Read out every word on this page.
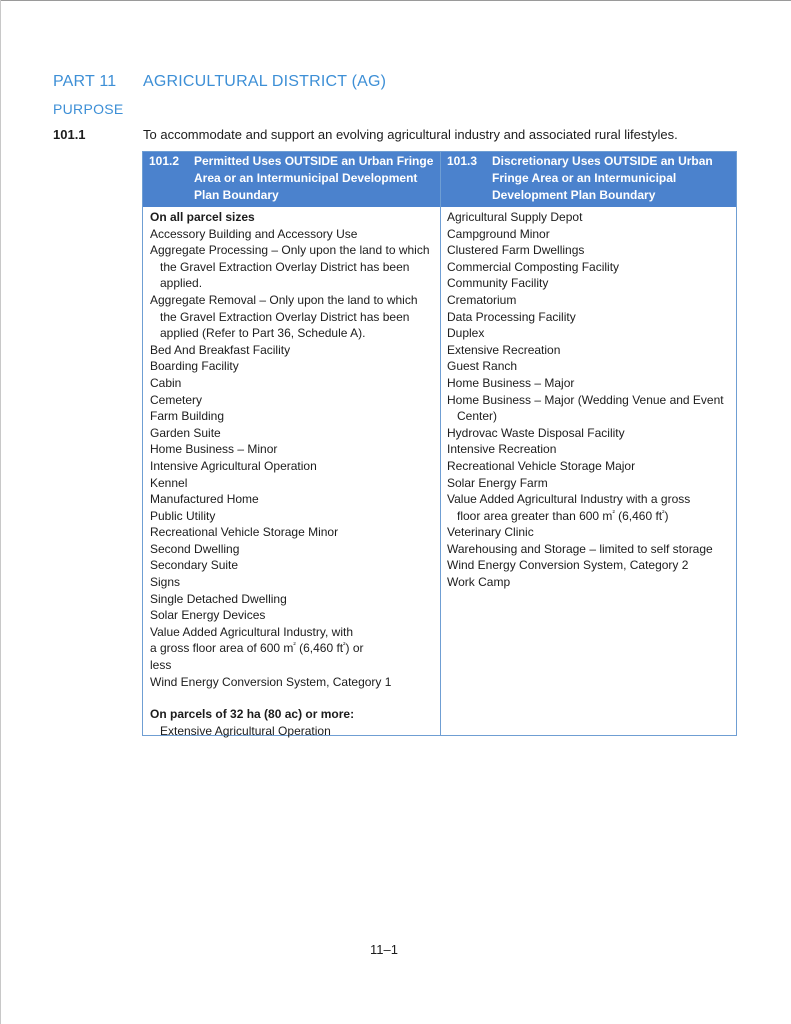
PART 11 AGRICULTURAL DISTRICT (AG)
PURPOSE
101.1	To accommodate and support an evolving agricultural industry and associated rural lifestyles.
101.2 Permitted Uses OUTSIDE an Urban Fringe Area or an Intermunicipal Development Plan Boundary
On all parcel sizes
Accessory Building and Accessory Use
Aggregate Processing – Only upon the land to which the Gravel Extraction Overlay District has been applied.
Aggregate Removal – Only upon the land to which the Gravel Extraction Overlay District has been applied (Refer to Part 36, Schedule A).
Bed And Breakfast Facility
Boarding Facility
Cabin
Cemetery
Farm Building
Garden Suite
Home Business – Minor
Intensive Agricultural Operation
Kennel
Manufactured Home
Public Utility
Recreational Vehicle Storage Minor
Second Dwelling
Secondary Suite
Signs
Single Detached Dwelling
Solar Energy Devices
Value Added Agricultural Industry, with
a gross floor area of 600 $m^{^2}$ (6,460 $ft^{^2}$) or
less
Wind Energy Conversion System, Category 1
On parcels of 32 ha (80 ac) or more:
Extensive Agricultural Operation
101.3 Discretionary Uses OUTSIDE an Urban Fringe Area or an Intermunicipal Development Plan Boundary
Agricultural Supply Depot
Campground Minor
Clustered Farm Dwellings
Commercial Composting Facility
Community Facility
Crematorium
Data Processing Facility
Duplex
Extensive Recreation
Guest Ranch
Home Business – Major
Home Business – Major (Wedding Venue and Event Center)
Hydrovac Waste Disposal Facility
Intensive Recreation
Recreational Vehicle Storage Major
Solar Energy Farm
Value Added Agricultural Industry with a gross
floor area greater than 600 $m^{^2}$ (6,460 $ft^{^2}$)
Veterinary Clinic
Warehousing and Storage – limited to self storage
Wind Energy Conversion System, Category 2
Work Camp
11–1
